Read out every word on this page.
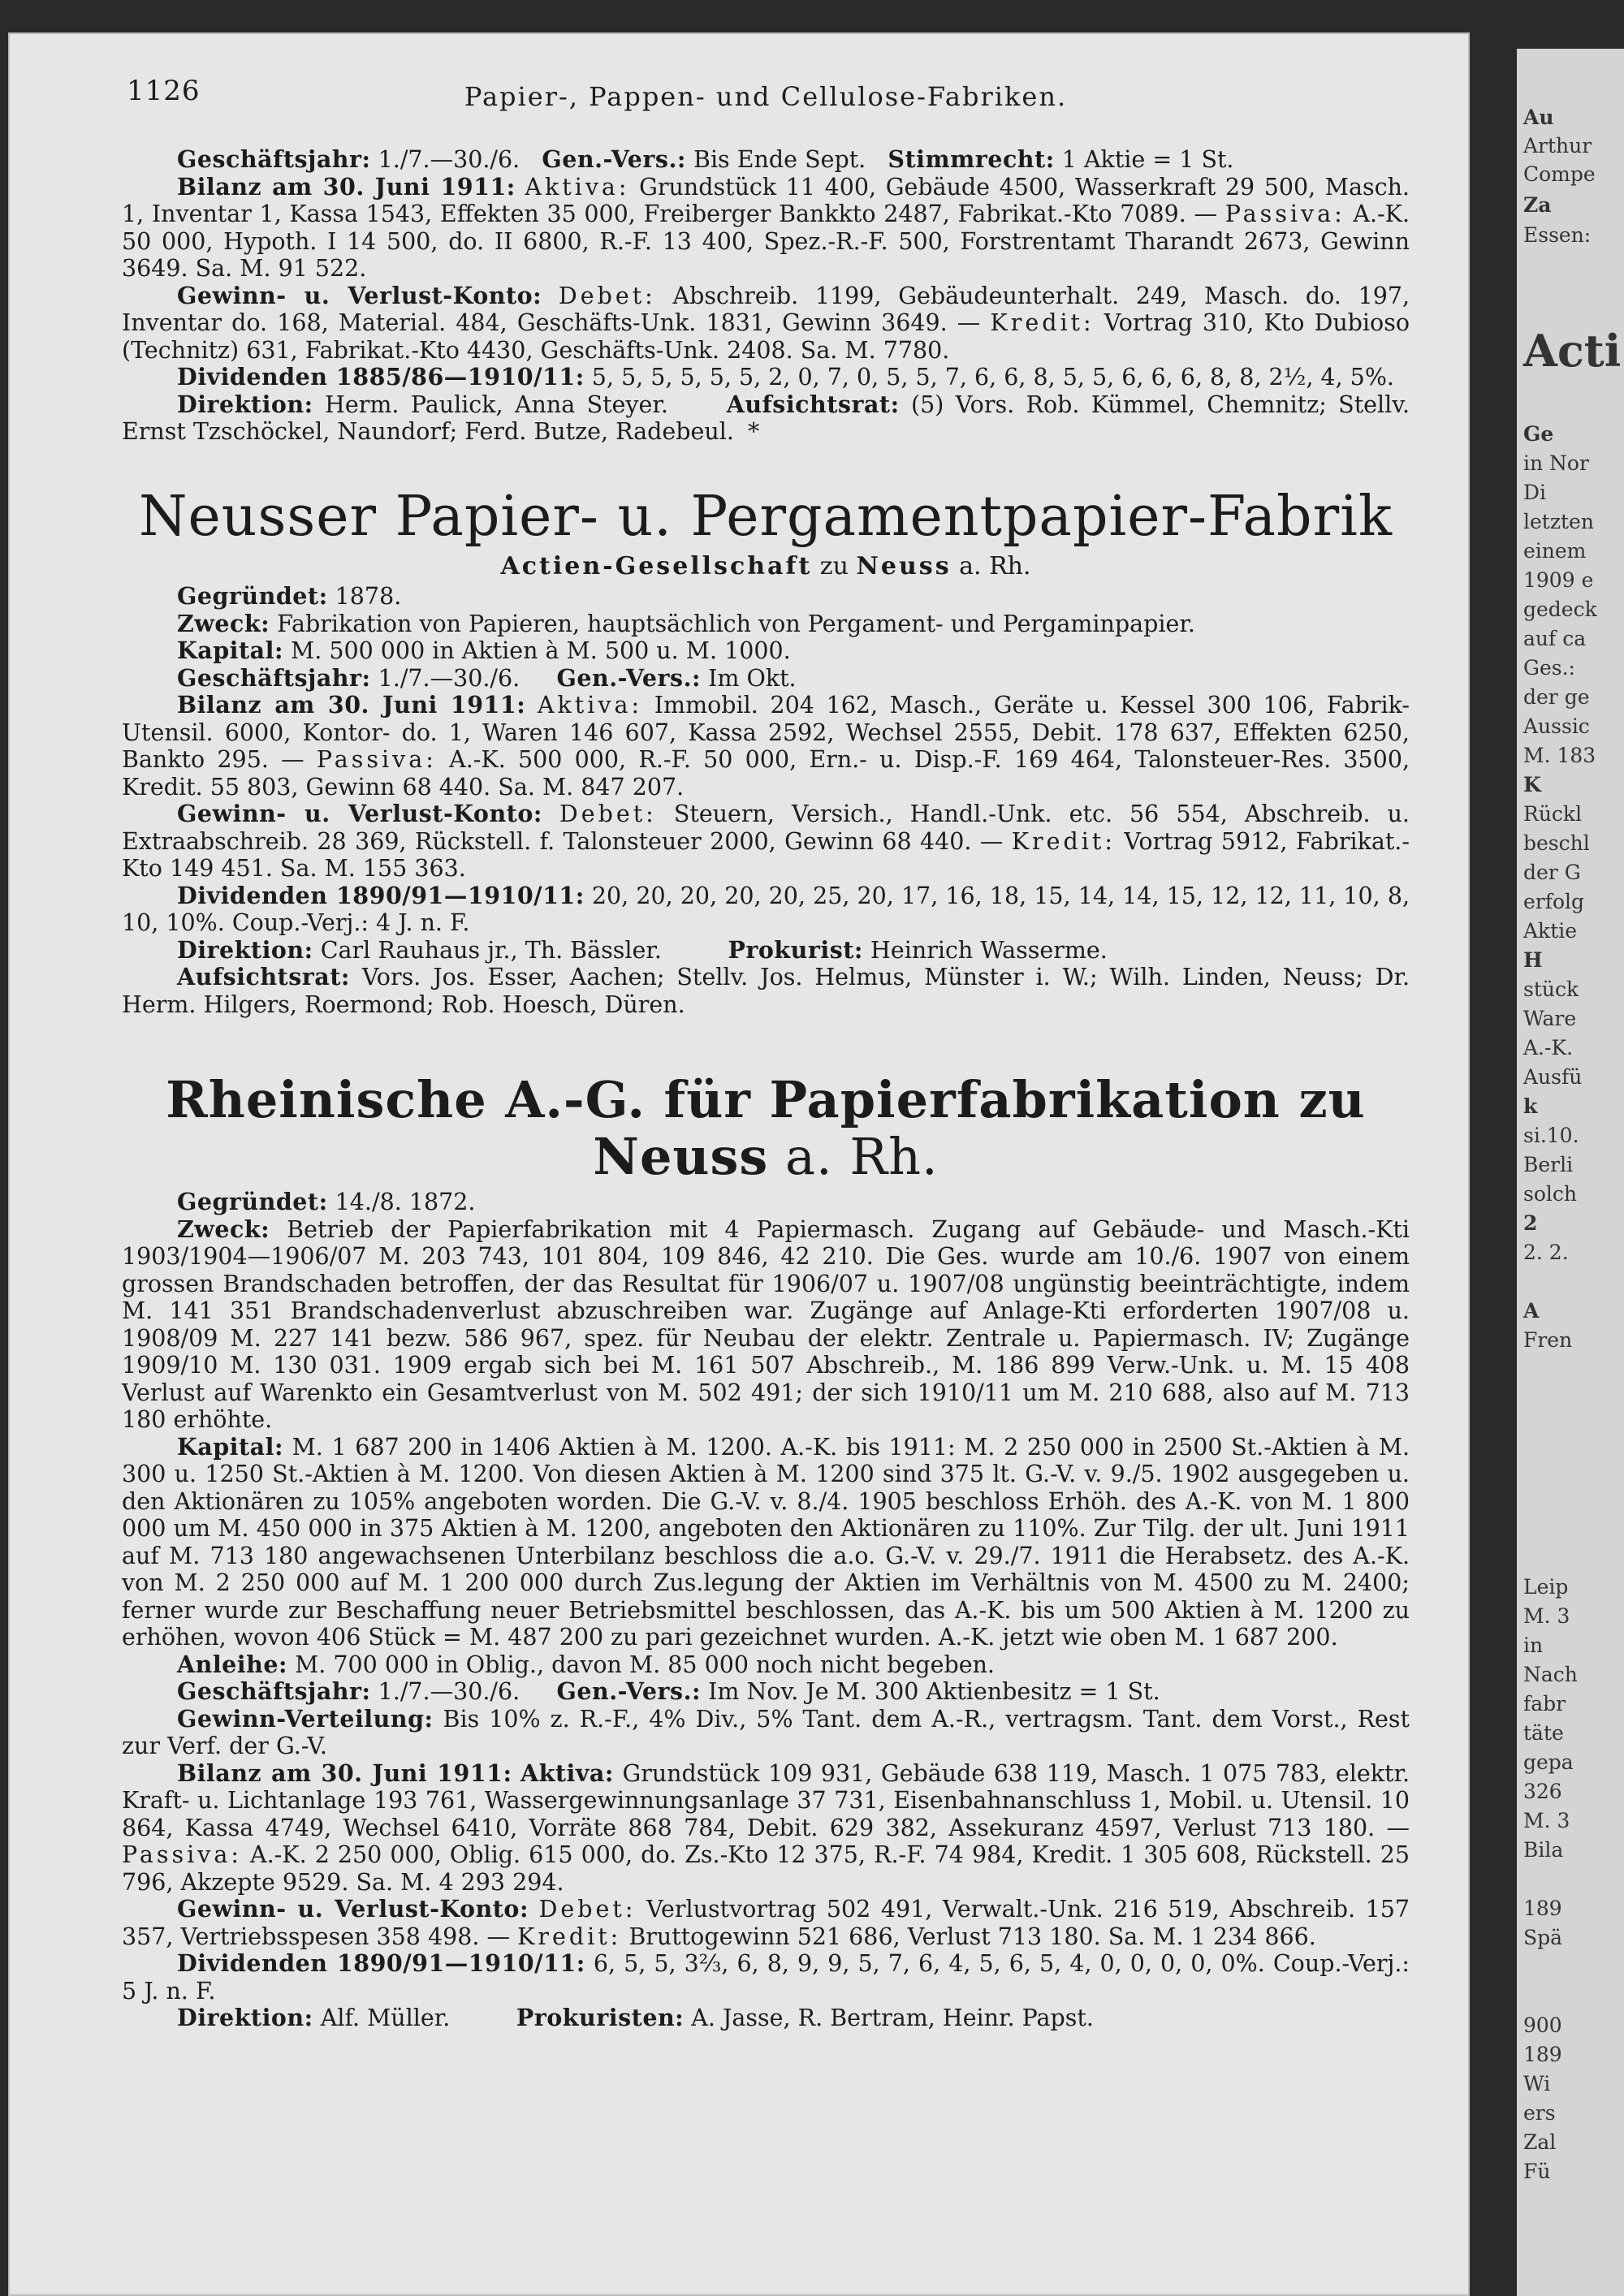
Au
Arthur
Compe
Za
Essen:
Acti
Ge
in Nor
Di
letzten
einem
1909 e
gedeck
auf ca
Ges.:
der ge
Aussic
M. 183
K
Rückl
beschl
der G
erfolg
Aktie
H
stück
Ware
A.-K.
Ausfü
k
si.10.
Berli
solch
2
2. 2.
A
Fren
Leip
M. 3
in
Nach
fabr
täte
gepa
326
M. 3
Bila
189
Spä
900
189
Wi
ers
Zal
Fü
1126	Papier-, Pappen- und Cellulose-Fabriken.

Geschäftsjahr: 1./7.—30./6. Gen.-Vers.: Bis Ende Sept. Stimmrecht: 1 Aktie = 1 St.

Bilanz am 30. Juni 1911: Aktiva: Grundstück 11 400, Gebäude 4500, Wasserkraft 29 500, Masch. 1, Inventar 1, Kassa 1543, Effekten 35 000, Freiberger Bankkto 2487, Fabrikat.-Kto 7089. — Passiva: A.-K. 50 000, Hypoth. I 14 500, do. II 6800, R.-F. 13 400, Spez.-R.-F. 500, Forstrentamt Tharandt 2673, Gewinn 3649. Sa. M. 91 522.

Gewinn- u. Verlust-Konto: Debet: Abschreib. 1199, Gebäudeunterhalt. 249, Masch. do. 197, Inventar do. 168, Material. 484, Geschäfts-Unk. 1831, Gewinn 3649. — Kredit: Vortrag 310, Kto Dubioso (Technitz) 631, Fabrikat.-Kto 4430, Geschäfts-Unk. 2408. Sa. M. 7780.

Dividenden 1885/86—1910/11: 5, 5, 5, 5, 5, 5, 2, 0, 7, 0, 5, 5, 7, 6, 6, 8, 5, 5, 6, 6, 6, 8, 8, 2½, 4, 5%.

Direktion: Herm. Paulick, Anna Steyer.	Aufsichtsrat: (5) Vors. Rob. Kümmel, Chemnitz; Stellv. Ernst Tzschöckel, Naundorf; Ferd. Butze, Radebeul. *

Neusser Papier- u. Pergamentpapier-Fabrik
Actien-Gesellschaft zu Neuss a. Rh.

Gegründet: 1878.

Zweck: Fabrikation von Papieren, hauptsächlich von Pergament- und Pergaminpapier.

Kapital: M. 500 000 in Aktien à M. 500 u. M. 1000.

Geschäftsjahr: 1./7.—30./6. Gen.-Vers.: Im Okt.

Bilanz am 30. Juni 1911: Aktiva: Immobil. 204 162, Masch., Geräte u. Kessel 300 106, Fabrik-Utensil. 6000, Kontor- do. 1, Waren 146 607, Kassa 2592, Wechsel 2555, Debit. 178 637, Effekten 6250, Bankto 295. — Passiva: A.-K. 500 000, R.-F. 50 000, Ern.- u. Disp.-F. 169 464, Talonsteuer-Res. 3500, Kredit. 55 803, Gewinn 68 440. Sa. M. 847 207.

Gewinn- u. Verlust-Konto: Debet: Steuern, Versich., Handl.-Unk. etc. 56 554, Abschreib. u. Extraabschreib. 28 369, Rückstell. f. Talonsteuer 2000, Gewinn 68 440. — Kredit: Vortrag 5912, Fabrikat.-Kto 149 451. Sa. M. 155 363.

Dividenden 1890/91—1910/11: 20, 20, 20, 20, 20, 25, 20, 17, 16, 18, 15, 14, 14, 15, 12, 12, 11, 10, 8, 10, 10%. Coup.-Verj.: 4 J. n. F.

Direktion: Carl Rauhaus jr., Th. Bässler.	Prokurist: Heinrich Wasserme.

Aufsichtsrat: Vors. Jos. Esser, Aachen; Stellv. Jos. Helmus, Münster i. W.; Wilh. Linden, Neuss; Dr. Herm. Hilgers, Roermond; Rob. Hoesch, Düren.

Rheinische A.-G. für Papierfabrikation zu Neuss a. Rh.

Gegründet: 14./8. 1872.

Zweck: Betrieb der Papierfabrikation mit 4 Papiermasch. Zugang auf Gebäude- und Masch.-Kti 1903/1904—1906/07 M. 203 743, 101 804, 109 846, 42 210. Die Ges. wurde am 10./6. 1907 von einem grossen Brandschaden betroffen, der das Resultat für 1906/07 u. 1907/08 ungünstig beeinträchtigte, indem M. 141 351 Brandschadenverlust abzuschreiben war. Zugänge auf Anlage-Kti erforderten 1907/08 u. 1908/09 M. 227 141 bezw. 586 967, spez. für Neubau der elektr. Zentrale u. Papiermasch. IV; Zugänge 1909/10 M. 130 031. 1909 ergab sich bei M. 161 507 Abschreib., M. 186 899 Verw.-Unk. u. M. 15 408 Verlust auf Warenkto ein Gesamtverlust von M. 502 491; der sich 1910/11 um M. 210 688, also auf M. 713 180 erhöhte.

Kapital: M. 1 687 200 in 1406 Aktien à M. 1200. A.-K. bis 1911: M. 2 250 000 in 2500 St.-Aktien à M. 300 u. 1250 St.-Aktien à M. 1200. Von diesen Aktien à M. 1200 sind 375 lt. G.-V. v. 9./5. 1902 ausgegeben u. den Aktionären zu 105% angeboten worden. Die G.-V. v. 8./4. 1905 beschloss Erhöh. des A.-K. von M. 1 800 000 um M. 450 000 in 375 Aktien à M. 1200, angeboten den Aktionären zu 110%. Zur Tilg. der ult. Juni 1911 auf M. 713 180 angewachsenen Unterbilanz beschloss die a.o. G.-V. v. 29./7. 1911 die Herabsetz. des A.-K. von M. 2 250 000 auf M. 1 200 000 durch Zus.legung der Aktien im Verhältnis von M. 4500 zu M. 2400; ferner wurde zur Beschaffung neuer Betriebsmittel beschlossen, das A.-K. bis um 500 Aktien à M. 1200 zu erhöhen, wovon 406 Stück = M. 487 200 zu pari gezeichnet wurden. A.-K. jetzt wie oben M. 1 687 200.

Anleihe: M. 700 000 in Oblig., davon M. 85 000 noch nicht begeben.

Geschäftsjahr: 1./7.—30./6. Gen.-Vers.: Im Nov. Je M. 300 Aktienbesitz = 1 St.

Gewinn-Verteilung: Bis 10% z. R.-F., 4% Div., 5% Tant. dem A.-R., vertragsm. Tant. dem Vorst., Rest zur Verf. der G.-V.

Bilanz am 30. Juni 1911: Aktiva: Grundstück 109 931, Gebäude 638 119, Masch. 1 075 783, elektr. Kraft- u. Lichtanlage 193 761, Wassergewinnungsanlage 37 731, Eisenbahnanschluss 1, Mobil. u. Utensil. 10 864, Kassa 4749, Wechsel 6410, Vorräte 868 784, Debit. 629 382, Assekuranz 4597, Verlust 713 180. — Passiva: A.-K. 2 250 000, Oblig. 615 000, do. Zs.-Kto 12 375, R.-F. 74 984, Kredit. 1 305 608, Rückstell. 25 796, Akzepte 9529. Sa. M. 4 293 294.

Gewinn- u. Verlust-Konto: Debet: Verlustvortrag 502 491, Verwalt.-Unk. 216 519, Abschreib. 157 357, Vertriebsspesen 358 498. — Kredit: Bruttogewinn 521 686, Verlust 713 180. Sa. M. 1 234 866.

Dividenden 1890/91—1910/11: 6, 5, 5, 3⅔, 6, 8, 9, 9, 5, 7, 6, 4, 5, 6, 5, 4, 0, 0, 0, 0, 0%. Coup.-Verj.: 5 J. n. F.

Direktion: Alf. Müller.	Prokuristen: A. Jasse, R. Bertram, Heinr. Papst.
